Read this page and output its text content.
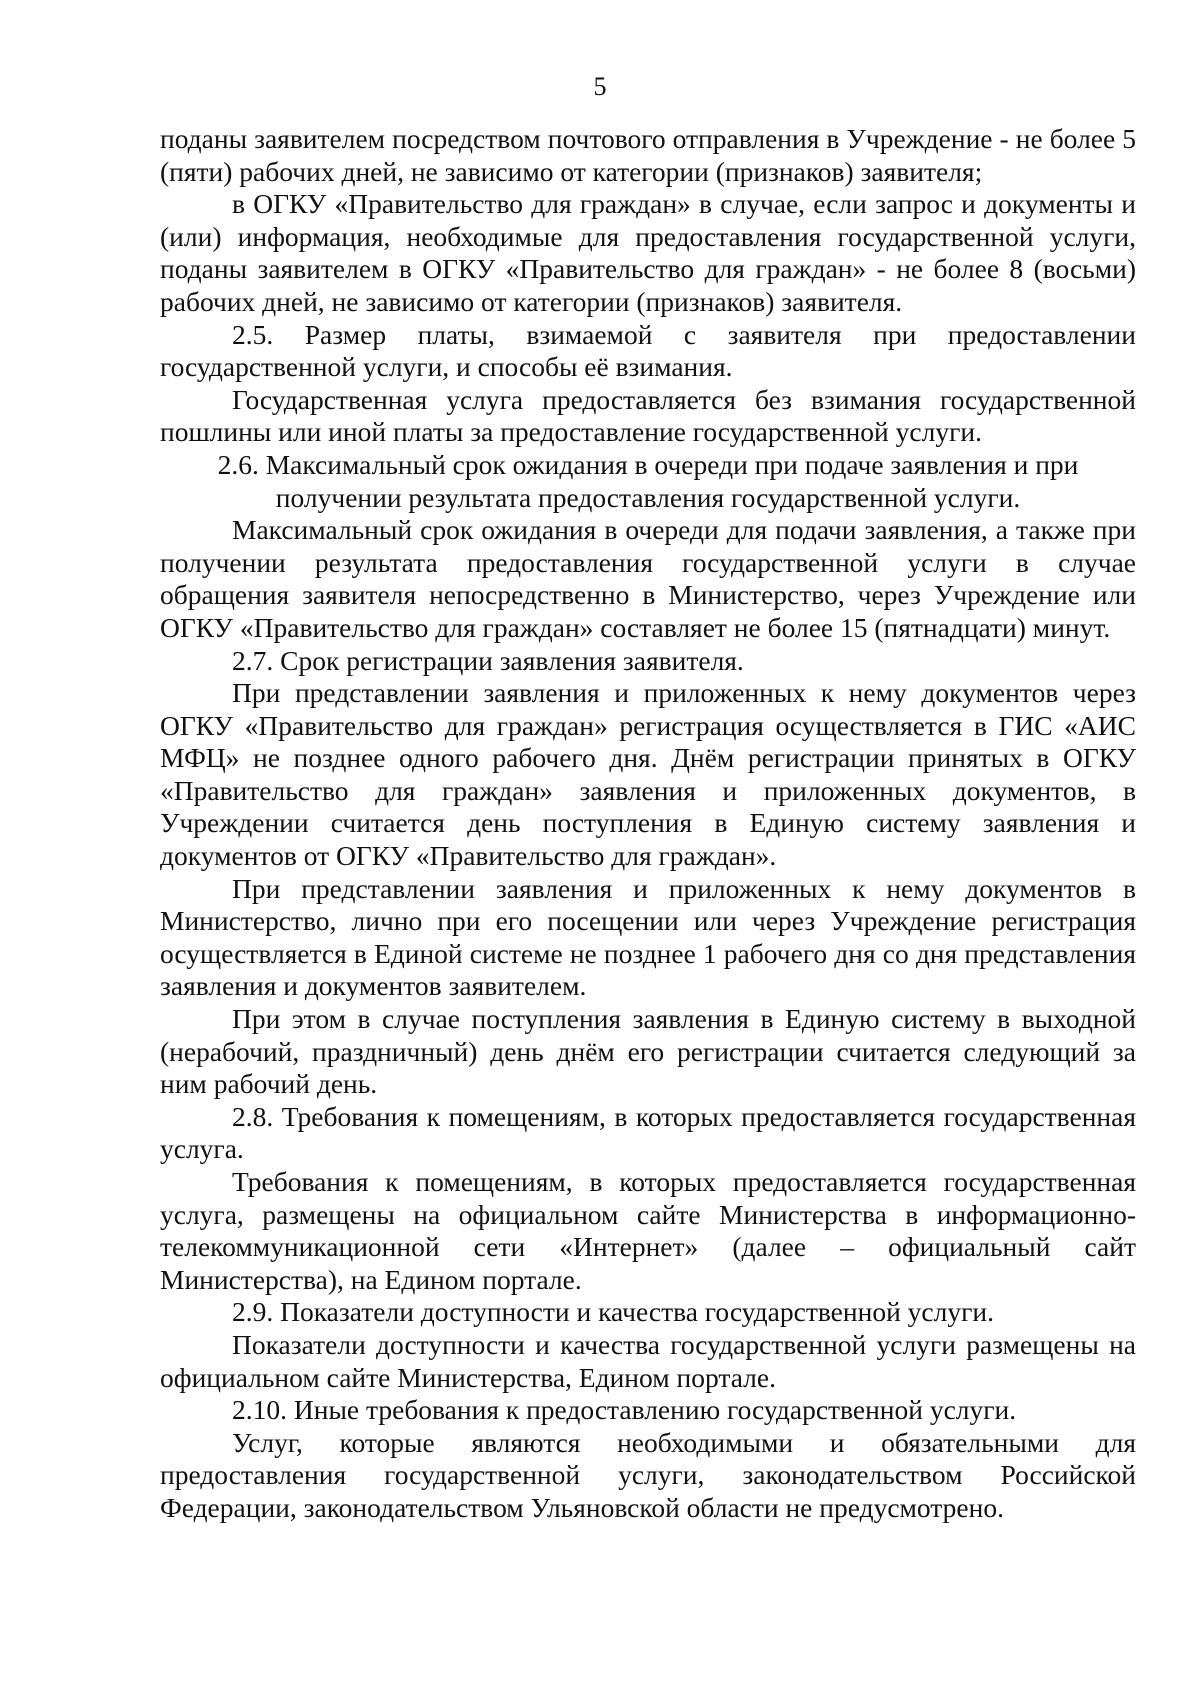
5

поданы заявителем посредством почтового отправления в Учреждение - не более 5 (пяти) рабочих дней, не зависимо от категории (признаков) заявителя;

в ОГКУ «Правительство для граждан» в случае, если запрос и документы и (или) информация, необходимые для предоставления государственной услуги, поданы заявителем в ОГКУ «Правительство для граждан» - не более 8 (восьми) рабочих дней, не зависимо от категории (признаков) заявителя.

2.5. Размер платы, взимаемой с заявителя при предоставлении государственной услуги, и способы её взимания.

Государственная услуга предоставляется без взимания государственной пошлины или иной платы за предоставление государственной услуги.

2.6. Максимальный срок ожидания в очереди при подаче заявления и при получении результата предоставления государственной услуги.

Максимальный срок ожидания в очереди для подачи заявления, а также при получении результата предоставления государственной услуги в случае обращения заявителя непосредственно в Министерство, через Учреждение или ОГКУ «Правительство для граждан» составляет не более 15 (пятнадцати) минут.

2.7. Срок регистрации заявления заявителя.

При представлении заявления и приложенных к нему документов через ОГКУ «Правительство для граждан» регистрация осуществляется в ГИС «АИС МФЦ» не позднее одного рабочего дня. Днём регистрации принятых в ОГКУ «Правительство для граждан» заявления и приложенных документов, в Учреждении считается день поступления в Единую систему заявления и документов от ОГКУ «Правительство для граждан».

При представлении заявления и приложенных к нему документов в Министерство, лично при его посещении или через Учреждение регистрация осуществляется в Единой системе не позднее 1 рабочего дня со дня представления заявления и документов заявителем.

При этом в случае поступления заявления в Единую систему в выходной (нерабочий, праздничный) день днём его регистрации считается следующий за ним рабочий день.

2.8. Требования к помещениям, в которых предоставляется государственная услуга.

Требования к помещениям, в которых предоставляется государственная услуга, размещены на официальном сайте Министерства в информационно-телекоммуникационной сети «Интернет» (далее – официальный сайт Министерства), на Едином портале.

2.9. Показатели доступности и качества государственной услуги.

Показатели доступности и качества государственной услуги размещены на официальном сайте Министерства, Едином портале.

2.10. Иные требования к предоставлению государственной услуги.

Услуг, которые являются необходимыми и обязательными для предоставления государственной услуги, законодательством Российской Федерации, законодательством Ульяновской области не предусмотрено.
